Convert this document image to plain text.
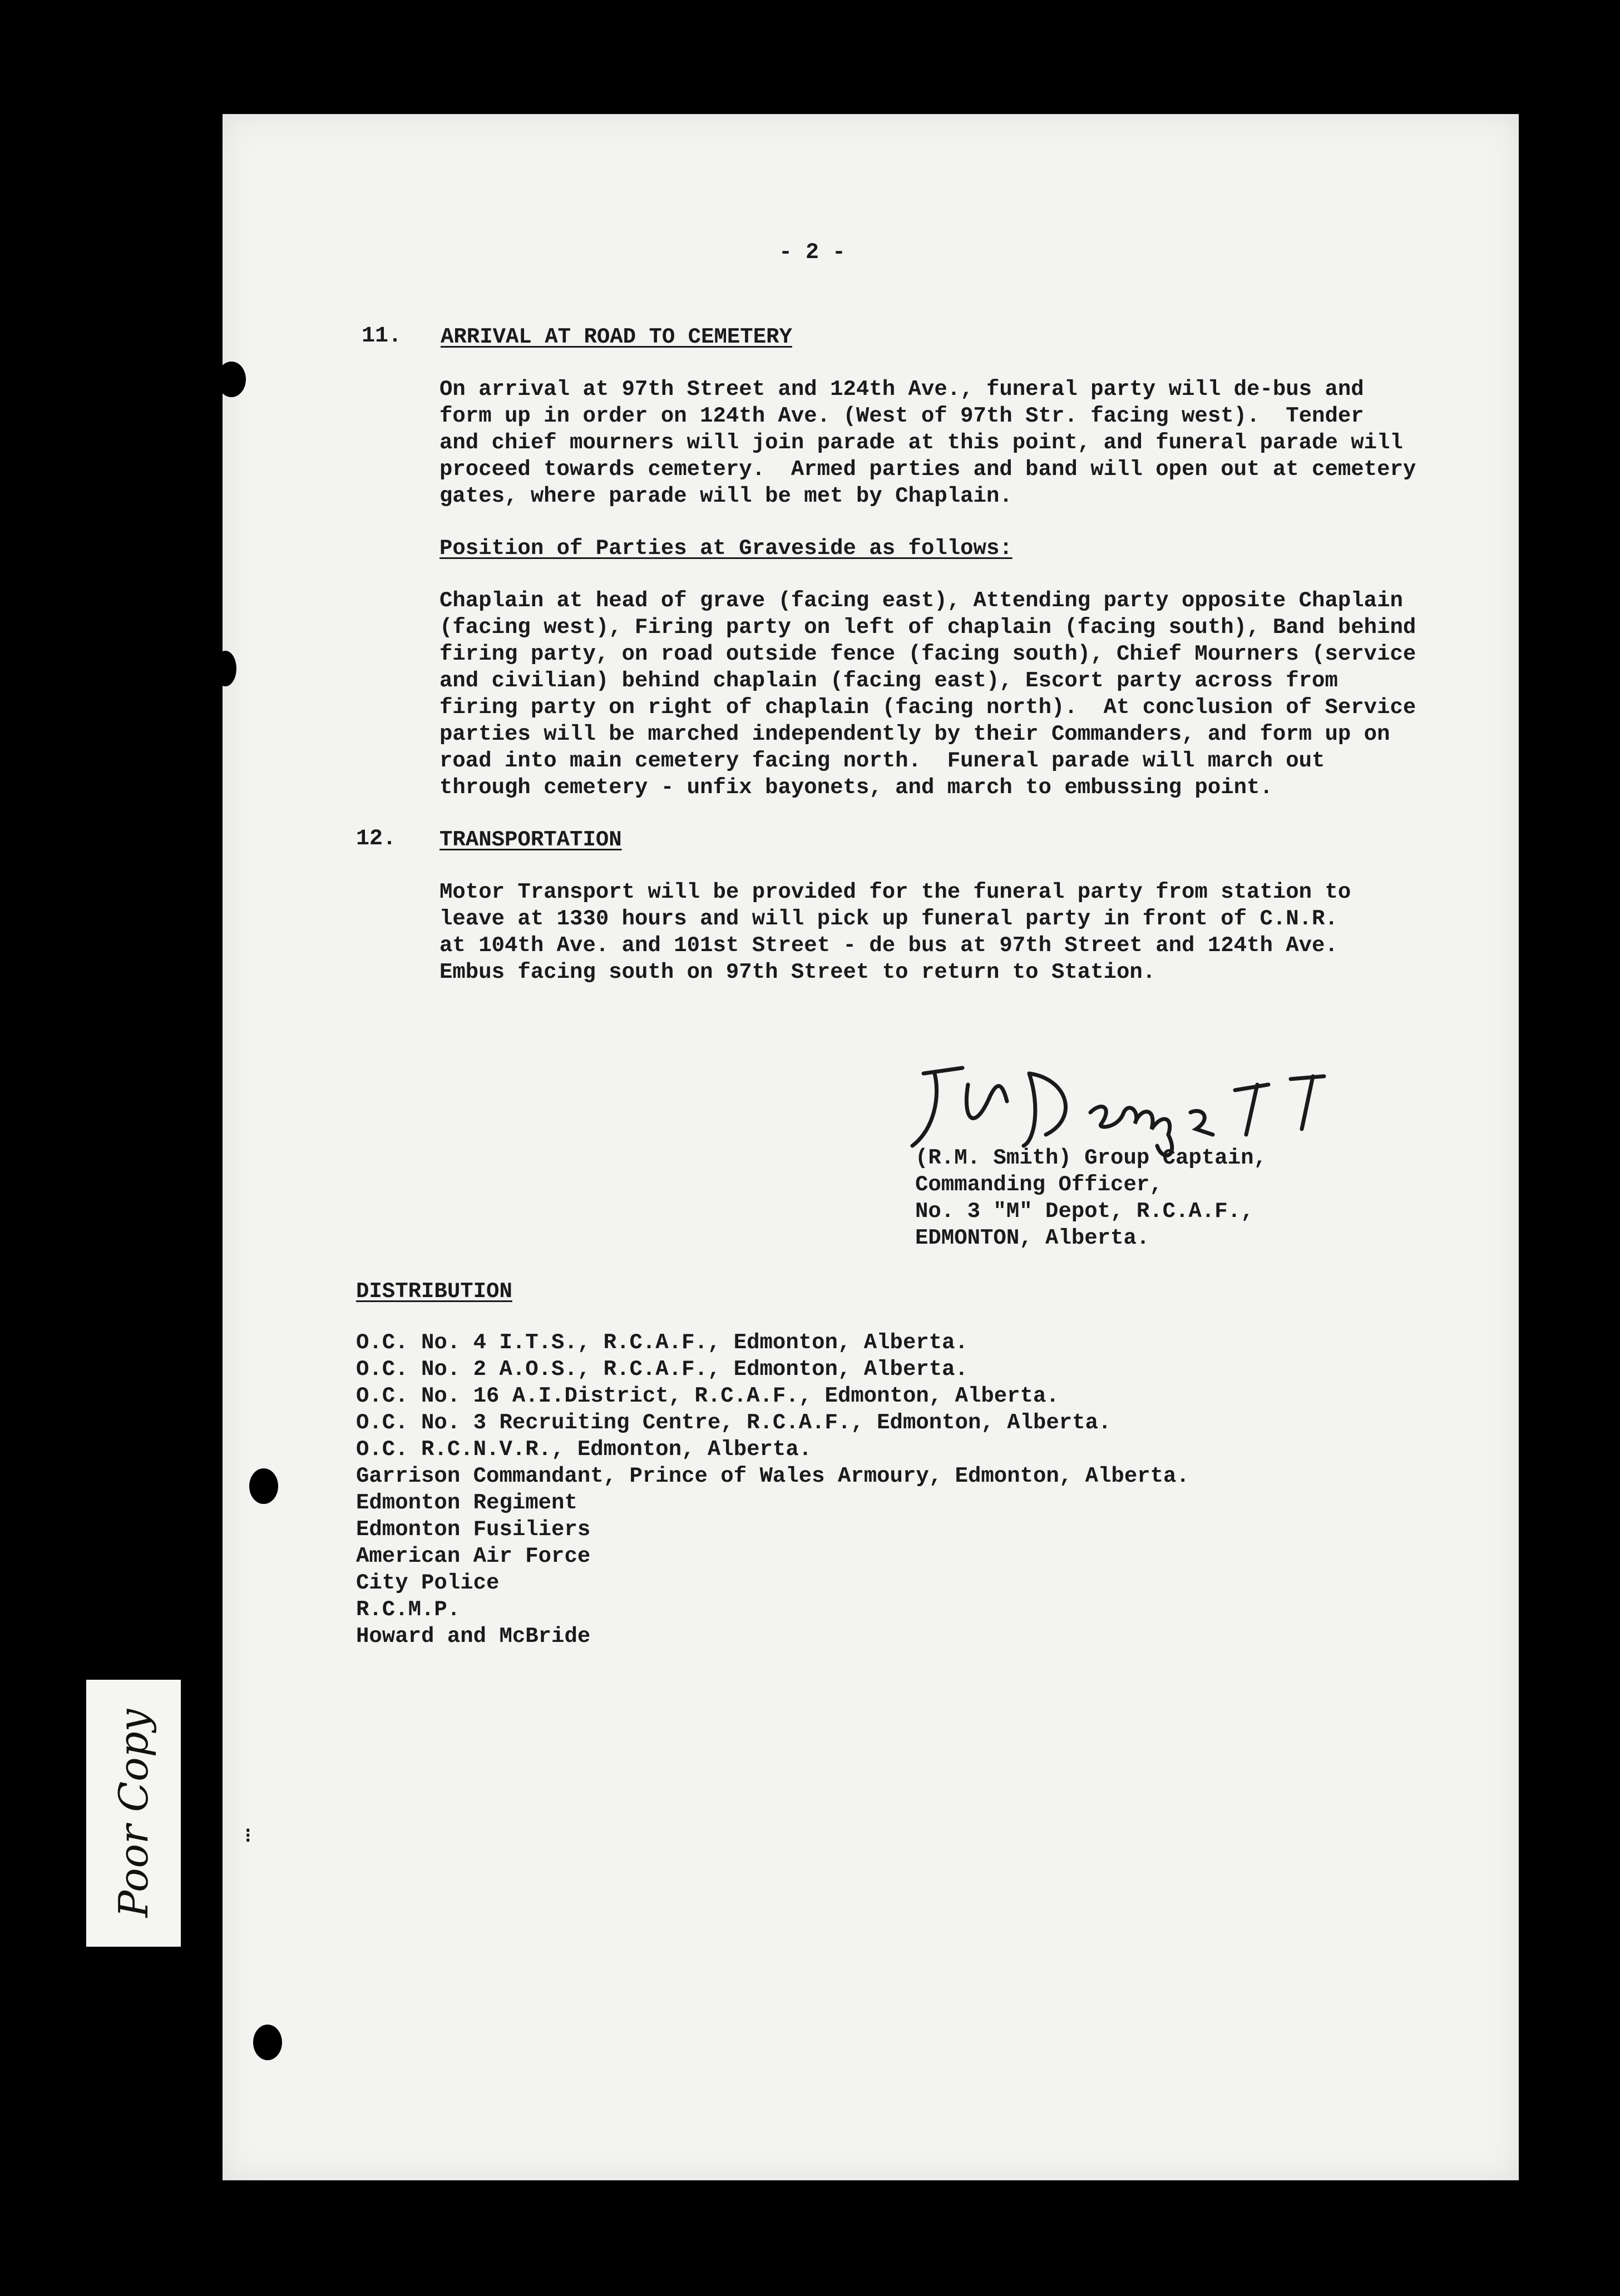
⁝
- 2 -
11. ARRIVAL AT ROAD TO CEMETERY
On arrival at 97th Street and 124th Ave., funeral party will de-bus and
form up in order on 124th Ave. (West of 97th Str. facing west).  Tender
and chief mourners will join parade at this point, and funeral parade will
proceed towards cemetery.  Armed parties and band will open out at cemetery
gates, where parade will be met by Chaplain.
Position of Parties at Graveside as follows:
Chaplain at head of grave (facing east), Attending party opposite Chaplain
(facing west), Firing party on left of chaplain (facing south), Band behind
firing party, on road outside fence (facing south), Chief Mourners (service
and civilian) behind chaplain (facing east), Escort party across from
firing party on right of chaplain (facing north).  At conclusion of Service
parties will be marched independently by their Commanders, and form up on
road into main cemetery facing north.  Funeral parade will march out
through cemetery - unfix bayonets, and march to embussing point.
12. TRANSPORTATION
Motor Transport will be provided for the funeral party from station to
leave at 1330 hours and will pick up funeral party in front of C.N.R.
at 104th Ave. and 101st Street - de bus at 97th Street and 124th Ave.
Embus facing south on 97th Street to return to Station.
(R.M. Smith) Group Captain,
Commanding Officer,
No. 3 "M" Depot, R.C.A.F.,
EDMONTON, Alberta.
DISTRIBUTION
O.C. No. 4 I.T.S., R.C.A.F., Edmonton, Alberta.
O.C. No. 2 A.O.S., R.C.A.F., Edmonton, Alberta.
O.C. No. 16 A.I.District, R.C.A.F., Edmonton, Alberta.
O.C. No. 3 Recruiting Centre, R.C.A.F., Edmonton, Alberta.
O.C. R.C.N.V.R., Edmonton, Alberta.
Garrison Commandant, Prince of Wales Armoury, Edmonton, Alberta.
Edmonton Regiment
Edmonton Fusiliers
American Air Force
City Police
R.C.M.P.
Howard and McBride
Poor Copy
